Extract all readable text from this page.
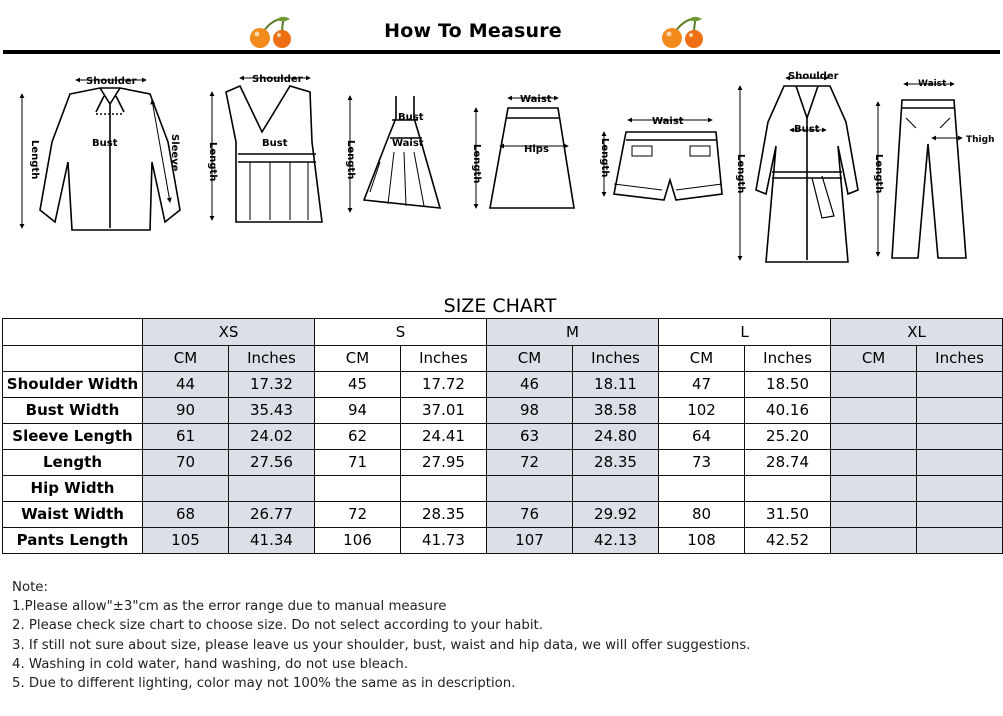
How To Measure
Shoulder
Bust	Sleeve
Length
Shoulder
Bust
Length
Bust
Waist
Length
Waist
Hips
Length
Waist
Length
Shoulder
Bust
Length
Waist
Thigh
Length
SIZE CHART
	XS		S		M		L		XL	
	CM	Inches	CM	Inches	CM	Inches	CM	Inches	CM	Inches
Shoulder Width	44	17.32	45	17.72	46	18.11	47	18.50		
Bust Width	90	35.43	94	37.01	98	38.58	102	40.16		
Sleeve Length	61	24.02	62	24.41	63	24.80	64	25.20		
Length	70	27.56	71	27.95	72	28.35	73	28.74		
Hip Width										
Waist Width	68	26.77	72	28.35	76	29.92	80	31.50		
Pants Length	105	41.34	106	41.73	107	42.13	108	42.52		
Note:
1.Please allow"±3"cm as the error range due to manual measure
2. Please check size chart to choose size. Do not select according to your habit.
3. If still not sure about size, please leave us your shoulder, bust, waist and hip data, we will offer suggestions.
4. Washing in cold water, hand washing, do not use bleach.
5. Due to different lighting, color may not 100% the same as in description.
